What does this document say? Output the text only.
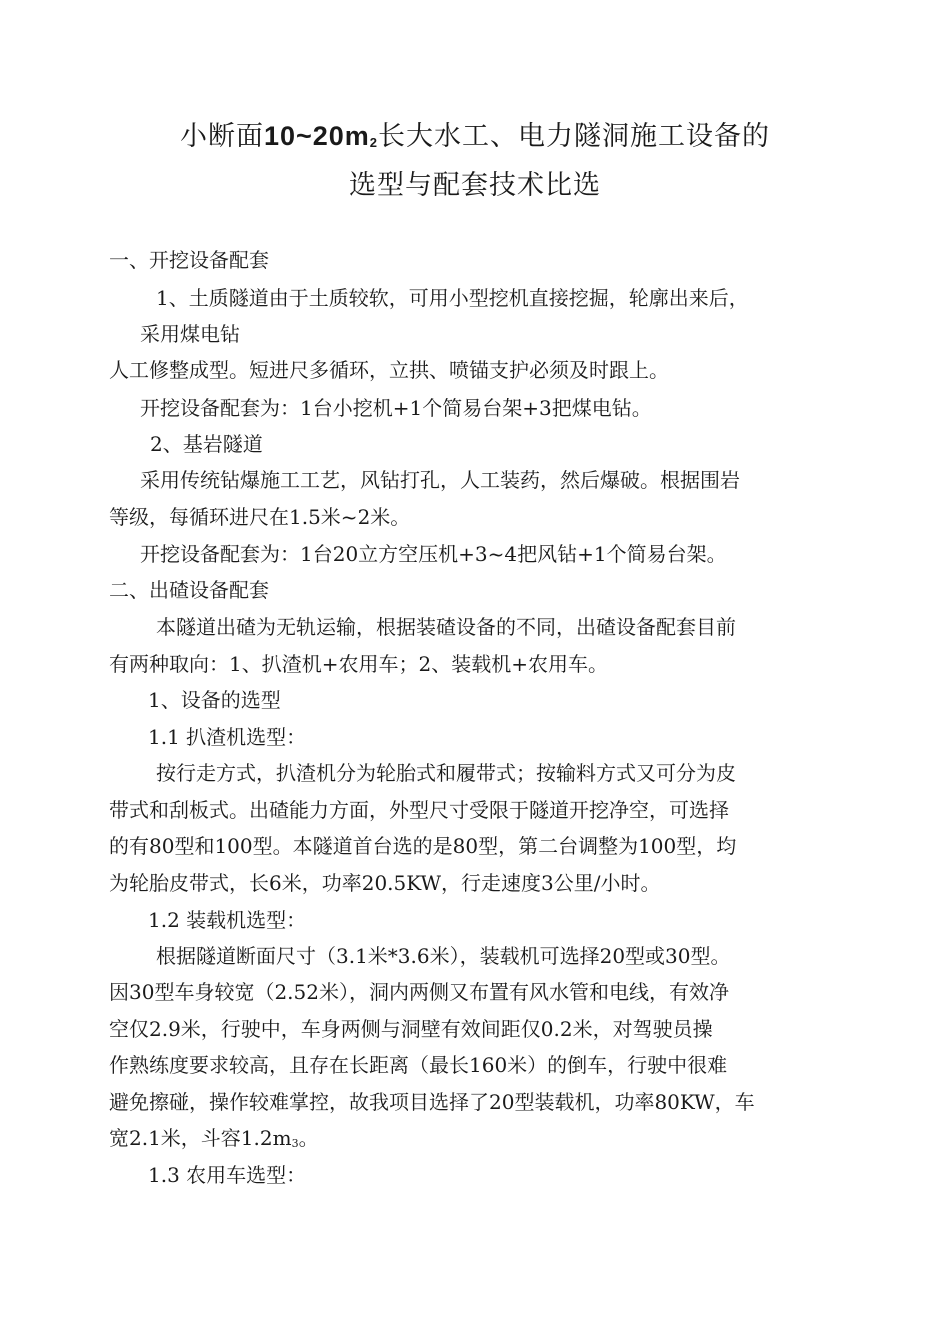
小断面$10\sim 20m_2$长大水工、电力隧洞施工设备的
选型与配套技术比选
一、开挖设备配套
1、土质隧道由于土质较软，可用小型挖机直接挖掘，轮廓出来后，
采用煤电钻
人工修整成型。短进尺多循环，立拱、喷锚支护必须及时跟上。
开挖设备配套为：1台小挖机+1个简易台架+3把煤电钻。
2、基岩隧道
采用传统钻爆施工工艺，风钻打孔，人工装药，然后爆破。根据围岩
等级，每循环进尺在1.5米~2米。
开挖设备配套为：1台20立方空压机+3~4把风钻+1个简易台架。
二、出碴设备配套
本隧道出碴为无轨运输，根据装碴设备的不同，出碴设备配套目前
有两种取向：1、扒渣机+农用车；2、装载机+农用车。
1、设备的选型
1.1 扒渣机选型：
按行走方式，扒渣机分为轮胎式和履带式；按输料方式又可分为皮
带式和刮板式。出碴能力方面，外型尺寸受限于隧道开挖净空，可选择
的有80型和100型。本隧道首台选的是80型，第二台调整为100型，均
为轮胎皮带式，长6米，功率20.5KW，行走速度3公里/小时。
1.2 装载机选型：
根据隧道断面尺寸（3.1米*3.6米），装载机可选择20型或30型。
因30型车身较宽（2.52米），洞内两侧又布置有风水管和电线，有效净
空仅2.9米，行驶中，车身两侧与洞壁有效间距仅0.2米，对驾驶员操
作熟练度要求较高，且存在长距离（最长160米）的倒车，行驶中很难
避免擦碰，操作较难掌控，故我项目选择了20型装载机，功率80KW，车
宽2.1米，斗容1.2m3。
1.3 农用车选型：
